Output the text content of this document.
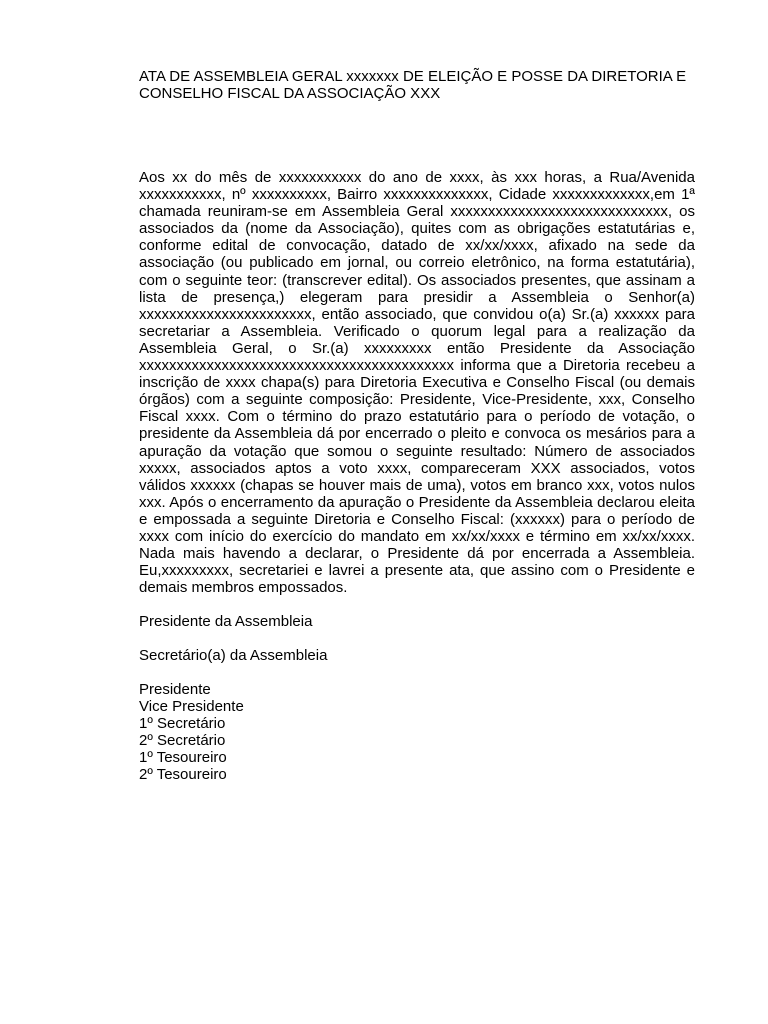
ATA DE ASSEMBLEIA GERAL xxxxxxx DE ELEIÇÃO E POSSE DA DIRETORIA E CONSELHO FISCAL DA ASSOCIAÇÃO XXX

Aos xx do mês de xxxxxxxxxxx do ano de xxxx, às xxx horas, a Rua/Avenida xxxxxxxxxxx, nº xxxxxxxxxx, Bairro xxxxxxxxxxxxxx, Cidade xxxxxxxxxxxxx,em 1ª chamada reuniram-se em Assembleia Geral xxxxxxxxxxxxxxxxxxxxxxxxxxxxx, os associados da (nome da Associação), quites com as obrigações estatutárias e, conforme edital de convocação, datado de xx/xx/xxxx, afixado na sede da associação (ou publicado em jornal, ou correio eletrônico, na forma estatutária), com o seguinte teor: (transcrever edital). Os associados presentes, que assinam a lista de presença,) elegeram para presidir a Assembleia o Senhor(a) xxxxxxxxxxxxxxxxxxxxxxx, então associado, que convidou o(a) Sr.(a) xxxxxx para secretariar a Assembleia. Verificado o quorum legal para a realização da Assembleia Geral, o Sr.(a) xxxxxxxxx então Presidente da Associação xxxxxxxxxxxxxxxxxxxxxxxxxxxxxxxxxxxxxxxxxx informa que a Diretoria recebeu a inscrição de xxxx chapa(s) para Diretoria Executiva e Conselho Fiscal (ou demais órgãos) com a seguinte composição: Presidente, Vice-Presidente, xxx, Conselho Fiscal xxxx. Com o término do prazo estatutário para o período de votação, o presidente da Assembleia dá por encerrado o pleito e convoca os mesários para a apuração da votação que somou o seguinte resultado: Número de associados xxxxx, associados aptos a voto xxxx, compareceram XXX associados, votos válidos xxxxxx (chapas se houver mais de uma), votos em branco xxx, votos nulos xxx. Após o encerramento da apuração o Presidente da Assembleia declarou eleita e empossada a seguinte Diretoria e Conselho Fiscal: (xxxxxx) para o período de xxxx com início do exercício do mandato em xx/xx/xxxx e término em xx/xx/xxxx. Nada mais havendo a declarar, o Presidente dá por encerrada a Assembleia. Eu,xxxxxxxxx, secretariei e lavrei a presente ata, que assino com o Presidente e demais membros empossados.

Presidente da Assembleia

Secretário(a) da Assembleia

Presidente
Vice Presidente
1º Secretário
2º Secretário
1º Tesoureiro
2º Tesoureiro
